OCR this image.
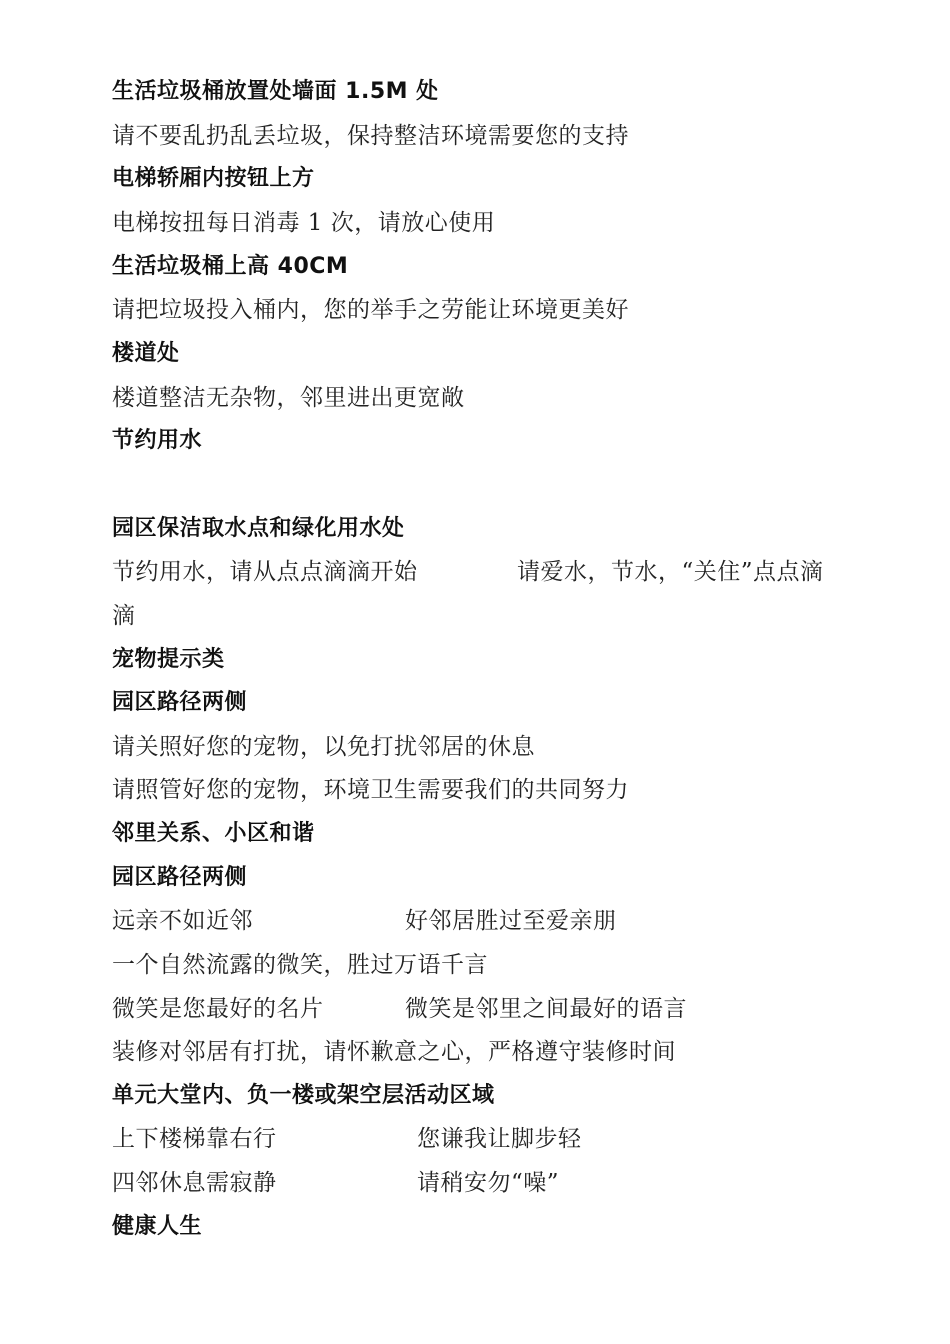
生活垃圾桶放置处墙面 1.5M 处
请不要乱扔乱丢垃圾，保持整洁环境需要您的支持
电梯轿厢内按钮上方
电梯按扭每日消毒 1 次，请放心使用
生活垃圾桶上高 40CM
请把垃圾投入桶内，您的举手之劳能让环境更美好
楼道处
楼道整洁无杂物，邻里进出更宽敞
节约用水
园区保洁取水点和绿化用水处
节约用水，请从点点滴滴开始	请爱水，节水，“关住”点点滴
滴
宠物提示类
园区路径两侧
请关照好您的宠物，以免打扰邻居的休息
请照管好您的宠物，环境卫生需要我们的共同努力
邻里关系、小区和谐
园区路径两侧
远亲不如近邻	好邻居胜过至爱亲朋
一个自然流露的微笑，胜过万语千言
微笑是您最好的名片	微笑是邻里之间最好的语言
装修对邻居有打扰，请怀歉意之心，严格遵守装修时间
单元大堂内、负一楼或架空层活动区域
上下楼梯靠右行	您谦我让脚步轻
四邻休息需寂静	请稍安勿“噪”
健康人生
